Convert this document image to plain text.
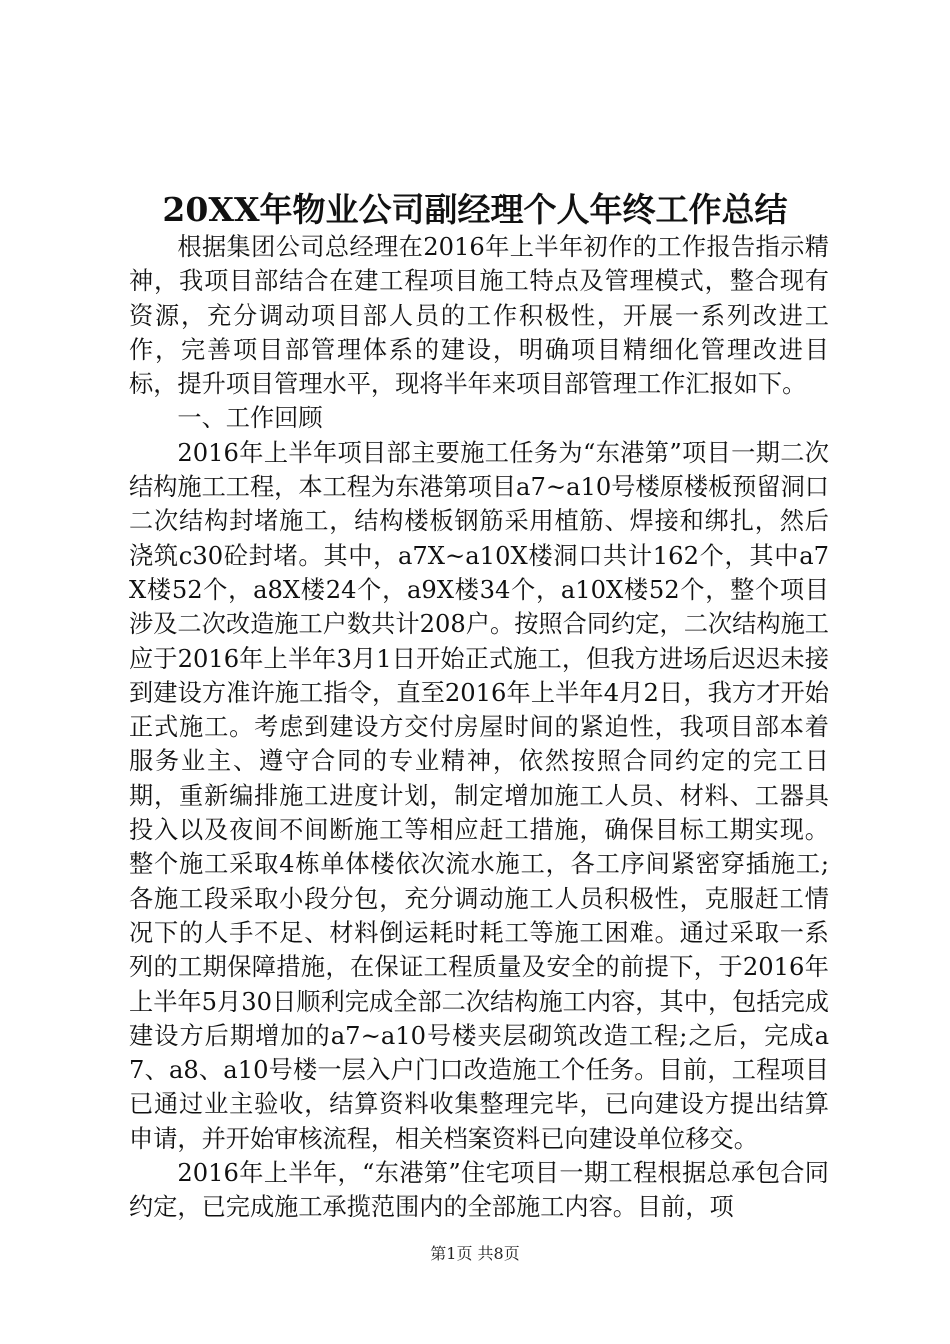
20XX年物业公司副经理个人年终工作总结

根据集团公司总经理在2016年上半年初作的工作报告指示精神，我项目部结合在建工程项目施工特点及管理模式，整合现有资源，充分调动项目部人员的工作积极性，开展一系列改进工作，完善项目部管理体系的建设，明确项目精细化管理改进目标，提升项目管理水平，现将半年来项目部管理工作汇报如下。

一、工作回顾

2016年上半年项目部主要施工任务为“东港第”项目一期二次结构施工工程，本工程为东港第项目a7~a10号楼原楼板预留洞口二次结构封堵施工，结构楼板钢筋采用植筋、焊接和绑扎，然后浇筑c30砼封堵。其中，a7X~a10X楼洞口共计162个，其中a7X楼52个，a8X楼24个，a9X楼34个，a10X楼52个，整个项目涉及二次改造施工户数共计208户。按照合同约定，二次结构施工应于2016年上半年3月1日开始正式施工，但我方进场后迟迟未接到建设方准许施工指令，直至2016年上半年4月2日，我方才开始正式施工。考虑到建设方交付房屋时间的紧迫性，我项目部本着服务业主、遵守合同的专业精神，依然按照合同约定的完工日期，重新编排施工进度计划，制定增加施工人员、材料、工器具投入以及夜间不间断施工等相应赶工措施，确保目标工期实现。整个施工采取4栋单体楼依次流水施工，各工序间紧密穿插施工;各施工段采取小段分包，充分调动施工人员积极性，克服赶工情况下的人手不足、材料倒运耗时耗工等施工困难。通过采取一系列的工期保障措施，在保证工程质量及安全的前提下，于2016年上半年5月30日顺利完成全部二次结构施工内容，其中，包括完成建设方后期增加的a7~a10号楼夹层砌筑改造工程;之后，完成a7、a8、a10号楼一层入户门口改造施工个任务。目前，工程项目已通过业主验收，结算资料收集整理完毕，已向建设方提出结算申请，并开始审核流程，相关档案资料已向建设单位移交。

2016年上半年，“东港第”住宅项目一期工程根据总承包合同约定，已完成施工承揽范围内的全部施工内容。目前，项

第1页 共8页
